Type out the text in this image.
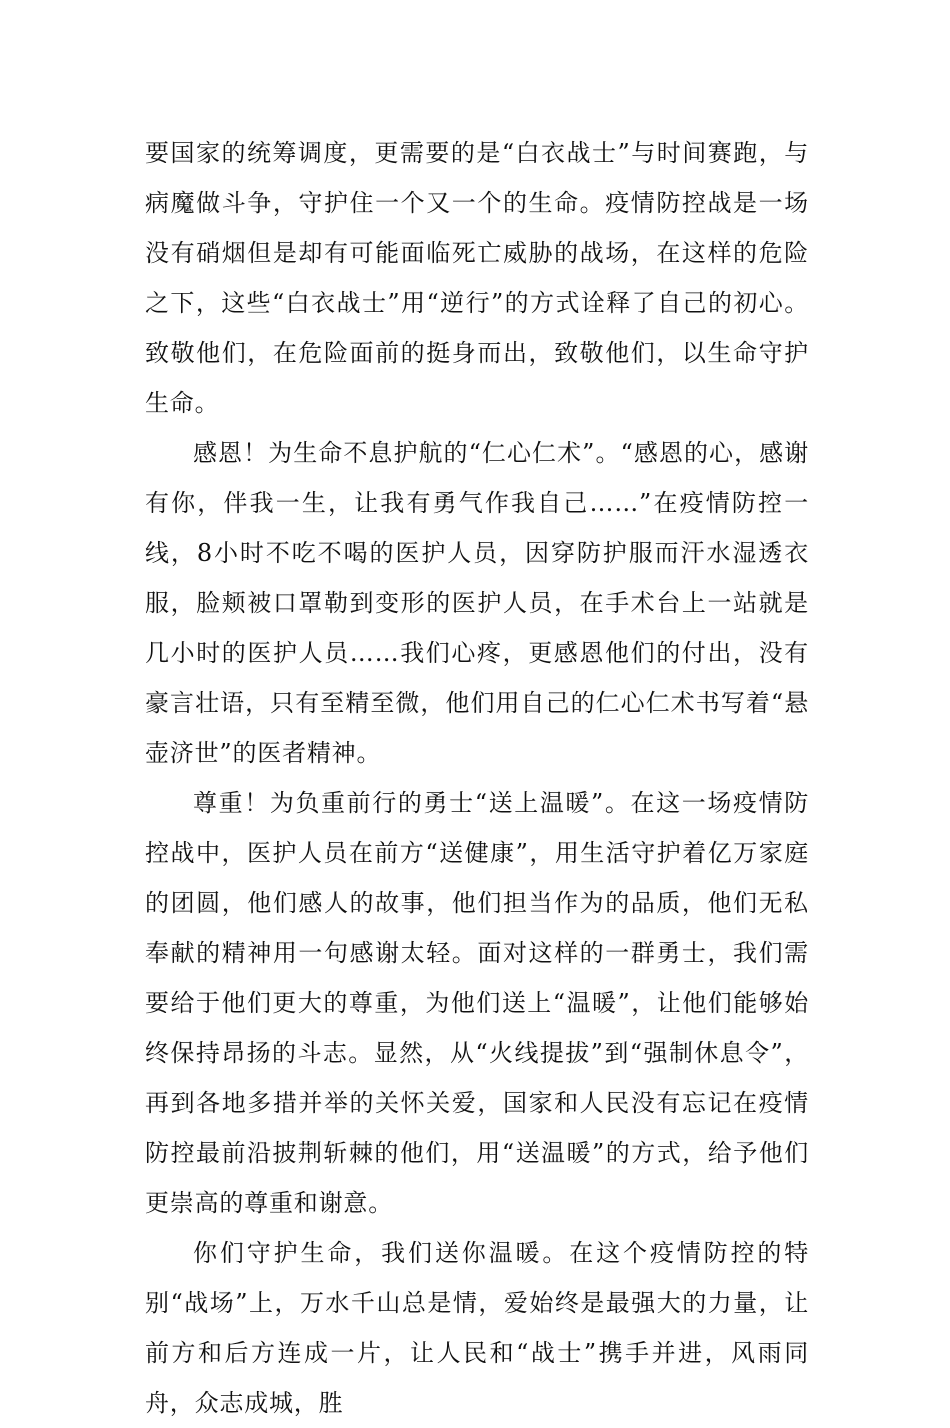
要国家的统筹调度，更需要的是“白衣战士”与时间赛跑，与病魔做斗争，守护住一个又一个的生命。疫情防控战是一场没有硝烟但是却有可能面临死亡威胁的战场，在这样的危险之下，这些“白衣战士”用“逆行”的方式诠释了自己的初心。致敬他们，在危险面前的挺身而出，致敬他们，以生命守护生命。

感恩！为生命不息护航的“仁心仁术”。“感恩的心，感谢有你，伴我一生，让我有勇气作我自己……”在疫情防控一线，8小时不吃不喝的医护人员，因穿防护服而汗水湿透衣服，脸颊被口罩勒到变形的医护人员，在手术台上一站就是几小时的医护人员……我们心疼，更感恩他们的付出，没有豪言壮语，只有至精至微，他们用自己的仁心仁术书写着“悬壶济世”的医者精神。

尊重！为负重前行的勇士“送上温暖”。在这一场疫情防控战中，医护人员在前方“送健康”，用生活守护着亿万家庭的团圆，他们感人的故事，他们担当作为的品质，他们无私奉献的精神用一句感谢太轻。面对这样的一群勇士，我们需要给于他们更大的尊重，为他们送上“温暖”，让他们能够始终保持昂扬的斗志。显然，从“火线提拔”到“强制休息令”，再到各地多措并举的关怀关爱，国家和人民没有忘记在疫情防控最前沿披荆斩棘的他们，用“送温暖”的方式，给予他们更崇高的尊重和谢意。

你们守护生命，我们送你温暖。在这个疫情防控的特别“战场”上，万水千山总是情，爱始终是最强大的力量，让前方和后方连成一片，让人民和“战士”携手并进，风雨同舟，众志成城，胜
